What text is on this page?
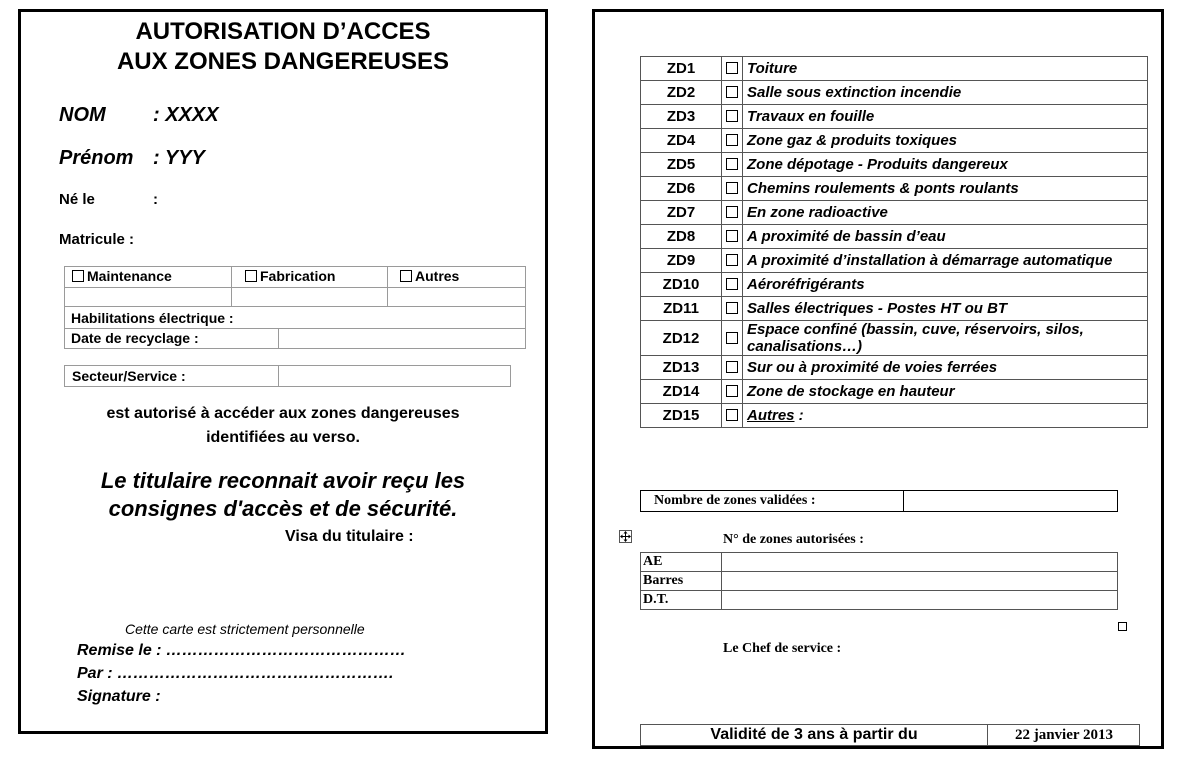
AUTORISATION D’ACCES
AUX ZONES DANGEREUSES
NOM : XXXX
Prénom : YYY
Né le	:
Matricule :
Maintenance	Fabrication	Autres
Habilitations électrique :
Date de recyclage :
Secteur/Service :
est autorisé à accéder aux zones dangereuses
identifiées au verso.
Le titulaire reconnait avoir reçu les
consignes d'accès et de sécurité.
Visa du titulaire :
Cette carte est strictement personnelle
Remise le : ………………………………………
Par : …………………………………………….
Signature :
ZD1		Toiture
ZD2		Salle sous extinction incendie
ZD3		Travaux en fouille
ZD4		Zone gaz & produits toxiques
ZD5		Zone dépotage - Produits dangereux
ZD6		Chemins roulements & ponts roulants
ZD7		En zone radioactive
ZD8		A proximité de bassin d’eau
ZD9		A proximité d’installation à démarrage automatique
ZD10		Aéroréfrigérants
ZD11		Salles électriques - Postes HT ou BT
ZD12		Espace confiné (bassin, cuve, réservoirs, silos, canalisations…)
ZD13		Sur ou à proximité de voies ferrées
ZD14		Zone de stockage en hauteur
ZD15		Autres :
Nombre de zones validées :
N° de zones autorisées :
AE	
Barres	
D.T.	
Le Chef de service :
Validité de 3 ans à partir du	22 janvier 2013
